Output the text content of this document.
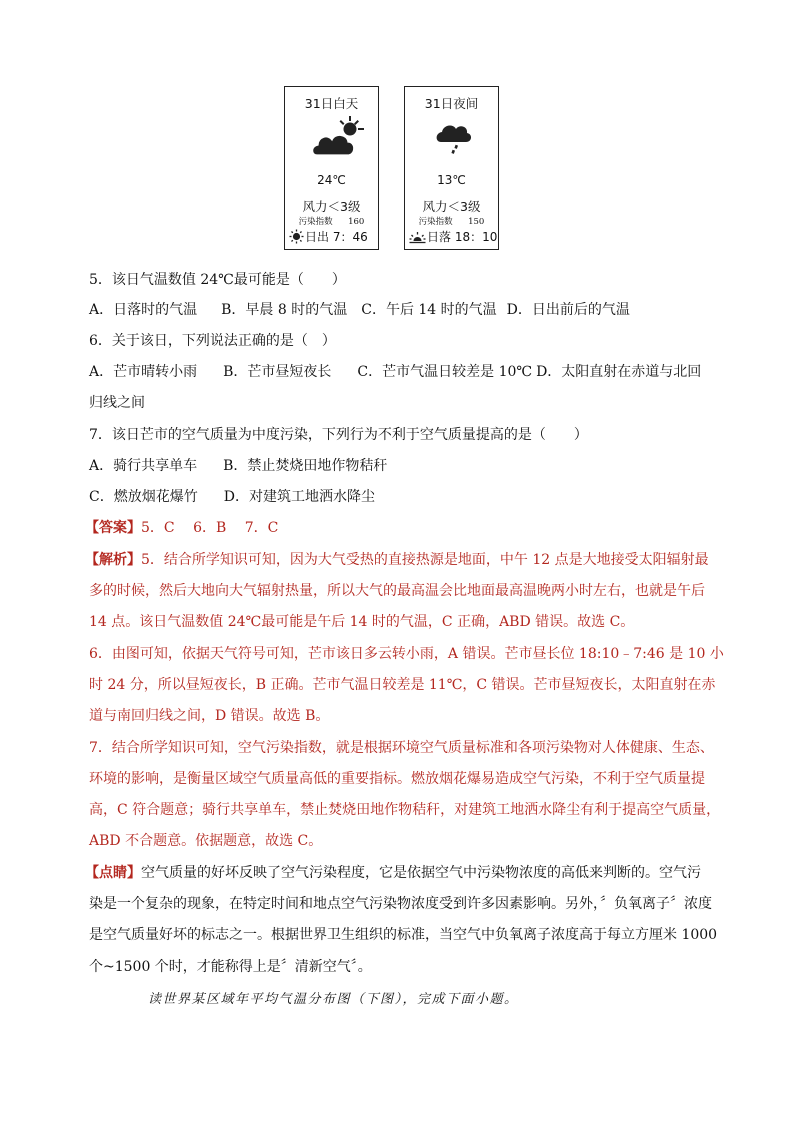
31日白天
24℃
风力＜3级
污染指数 160
日出 7：46
31日夜间
13℃
风力＜3级
污染指数 150
日落 18：10
5．该日气温数值 24℃最可能是（　　）
A．日落时的气温 B．早晨 8 时的气温 C．午后 14 时的气温 D．日出前后的气温
6．关于该日，下列说法正确的是（　）
A．芒市晴转小雨 B．芒市昼短夜长 C．芒市气温日较差是 10℃ D．太阳直射在赤道与北回
归线之间
7．该日芒市的空气质量为中度污染，下列行为不利于空气质量提高的是（　　）
A．骑行共享单车 B．禁止焚烧田地作物秸秆
C．燃放烟花爆竹 D．对建筑工地洒水降尘
【答案】5．C　 6．B　 7．C
【解析】5．结合所学知识可知，因为大气受热的直接热源是地面，中午 12 点是大地接受太阳辐射最
多的时候，然后大地向大气辐射热量，所以大气的最高温会比地面最高温晚两小时左右，也就是午后
14 点。该日气温数值 24℃最可能是午后 14 时的气温，C 正确，ABD 错误。故选 C。
6．由图可知，依据天气符号可知，芒市该日多云转小雨，A 错误。芒市昼长位 18:10﹣7:46 是 10 小
时 24 分，所以昼短夜长，B 正确。芒市气温日较差是 11℃，C 错误。芒市昼短夜长，太阳直射在赤
道与南回归线之间，D 错误。故选 B。
7．结合所学知识可知，空气污染指数，就是根据环境空气质量标准和各项污染物对人体健康、生态、
环境的影响，是衡量区域空气质量高低的重要指标。燃放烟花爆易造成空气污染，不利于空气质量提
高，C 符合题意；骑行共享单车，禁止焚烧田地作物秸秆，对建筑工地洒水降尘有利于提高空气质量，
ABD 不合题意。依据题意，故选 C。
【点睛】空气质量的好坏反映了空气污染程度，它是依据空气中污染物浓度的高低来判断的。空气污
染是一个复杂的现象，在特定时间和地点空气污染物浓度受到许多因素影响。另外，〞负氧离子〞浓度
是空气质量好坏的标志之一。根据世界卫生组织的标准，当空气中负氧离子浓度高于每立方厘米 1000
个~1500 个时，才能称得上是〞清新空气〞。
读世界某区域年平均气温分布图（下图），完成下面小题。
